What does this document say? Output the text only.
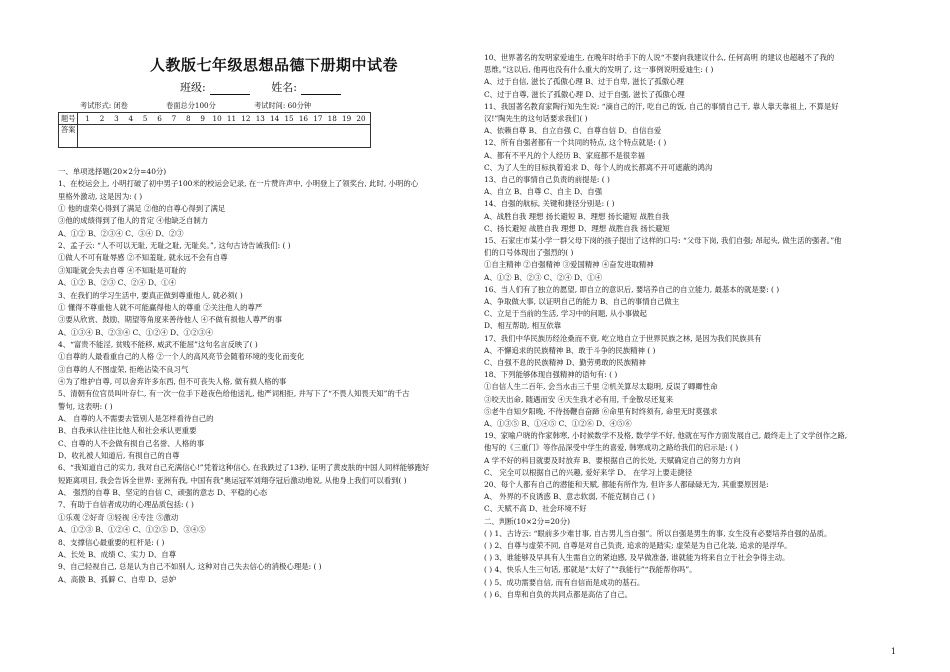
人教版七年级思想品德下册期中试卷
班级:	姓名:
考试形式: 闭卷	卷面总分100分	考试时间: 60分钟
题号	1 2 3 4 5 6 7 8 9 10 11 12 13 14 15 16 17 18 19 20
答案	
一、单项选择题(20×2分=40分)
1、在校运会上, 小明打破了初中男子100米的校运会记录, 在一片赞许声中, 小明登上了领奖台, 此时, 小明的心
里格外激动, 这是因为: ( )
① 他的虚荣心得到了满足 ②他的自尊心得到了满足
③他的成绩得到了他人的肯定 ④他缺乏自制力
A、①② B、②③④ C、③④ D、②③
2、孟子云: “人不可以无耻, 无耻之耻, 无耻矣。”, 这句古诗告诫我们: ( )
①做人不可有耻辱感 ②不知羞耻, 就永远不会有自尊
③知耻就会失去自尊 ④不知耻是可耻的
A、①② B、②③ C、②④ D、①④
3、在我们的学习生活中, 要真正做到尊重他人, 就必须( )
① 懂得不尊重他人就不可能赢得他人的尊重 ②关注他人的尊严
③要从欣赏、鼓励、期望等角度来善待他人 ④不做有损他人尊严的事
A、①③④ B、②③④ C、①②④ D、①②③④
4、“富贵不能淫, 贫贱不能移, 威武不能屈”这句名言反映了( )
①自尊的人最看重自己的人格 ②一个人的高风亮节会随着环境的变化而变化
③自尊的人不图虚荣, 拒绝沾染不良习气
④为了维护自尊, 可以舍弃许多东西, 但不可丧失人格, 做有损人格的事
5、清朝有位官员叫叶存仁, 有一次一位手下趁夜色给他送礼, 他严词相拒, 并写下了“不畏人知畏天知”的千古
警句, 这表明: ( )
A、 自尊的人不需要去管别人是怎样看待自己的
B、自我承认往往比他人和社会承认更重要
C、自尊的人不会做有损自己名誉、人格的事
D、收礼被人知道后, 有损自己的自尊
6、“我知道自己的实力, 我对自己充满信心!”凭着这种信心, 在我跌过了13秒, 证明了黄皮肤的中国人同样能够跑好
短距离项目, 我会告诉全世界: 亚洲有我, 中国有我”奥运冠军刘翔夺冠后激动地说, 从他身上我们可以看到( )
A、 强烈的自尊 B、坚定的自信 C、顽强的意志 D、平稳的心态
7、有助于自信者成功的心理品质包括: ( )
①乐观 ②好奇 ③轻视 ④专注 ⑤激动
A、①②③ B、①②④ C、①②⑤ D、③④⑤
8、支撑信心最重要的杠杆是: ( )
A、长处 B、成绩 C、实力 D、自尊
9、自己轻视自己, 总是认为自己不如别人, 这种对自己失去信心的消极心理是: ( )
A、高傲 B、孤僻 C、自卑 D、忌妒
10、世界著名的发明家爱迪生, 在晚年时给手下的人说“不要向我建议什么, 任何高明 的建议也超越不了我的
思维。”这以后, 他再也没有什么重大的发明了, 这一事例说明爱迪生: ( )
A、过于自信, 滋长了孤傲心理 B、过于自卑, 滋长了孤傲心理
C、过于自尊, 滋长了孤傲心理 D、过于自强, 滋长了孤傲心理
11、我国著名教育家陶行知先生说: “滴自己的汗, 吃自己的饭, 自己的事情自己干, 靠人靠天靠祖上, 不算是好
汉!”陶先生的这句话要求我们( )
A、依赖自尊 B、自立自强 C、自尊自信 D、自信自爱
12、所有自强者都有一个共同的特点, 这个特点就是: ( )
A、都有不平凡的个人经历 B、家庭都不是很幸福
C、为了人生的目标执着追求 D、每个人的成长都离不开可遮蔽的鸿沟
13、自己的事情自己负责的前提是: ( )
A、自立 B、自尊 C、自主 D、自强
14、自强的航标, 关键和捷径分别是: ( )
A、战胜自我 理想 扬长避短 B、理想 扬长避短 战胜自我
C、扬长避短 战胜自我 理想 D、理想 战胜自我 扬长避短
15、石家庄市某小学一群父母下岗的孩子提出了这样的口号: “父母下岗, 我们自强; 昂起头, 做生活的强者。”他
们的口号体现出了强烈的( )
①自主精神 ②自强精神 ③爱国精神 ④奋发进取精神
A、①② B、②③ C、②④ D、①④
16、当人们有了独立的愿望, 即自立的意识后, 要培养自己的自立能力, 最基本的就是要: ( )
A、争取做大事, 以证明自己的能力 B、自己的事情自己做主
C、立足于当前的生活, 学习中的问题, 从小事做起
D、相互帮助, 相互依靠
17、我们中华民族历经沧桑而不衰, 屹立地自立于世界民族之林, 是因为我们民族具有
A、不懈追求的民族精神 B、敢于斗争的民族精神 ( )
C、自强不息的民族精神 D、勤劳勇敢的民族精神
18、下列能够体现自强精神的语句有: ( )
①自信人生二百年, 会当水击三千里 ②机关算尽太聪明, 反误了卿卿性命
③咬天出命, 随遇而安 ④天生我才必有用, 千金散尽还复来
⑤老牛自知夕阳晚, 不待扬鞭自奋蹄 ⑥命里有时终须有, 命里无时莫强求
A、①③⑤ B、①④⑤ C、①②⑥ D、④⑤⑥
19、家喻户晓的作家韩寒, 小时候数学不及格, 数学学不好, 他就在写作方面发展自己, 最终走上了文学创作之路,
他写的《三重门》等作品深受中学生的喜爱, 韩寒成功之路给我们的启示是: ( )
A 学不好的科目就要及时放弃 B、要根据自己的长处, 天赋确定自己的努力方向
C、 完全可以根据自己的兴趣, 爱好来学 D、 在学习上要走捷径
20、每个人都有自己的潜能和天赋, 都能有所作为, 但许多人都碌碌无为, 其重要原因是:
A、 外界的不良诱惑 B、意志软弱, 不能克制自己 ( )
C、天赋不高 D、社会环境不好
二、判断(10×2分=20分)
( ) 1、古诗云: “眼前多少难甘事, 自古男儿当自强”。所以自强是男生的事, 女生没有必要培养自强的品质。
( ) 2、自尊与虚荣不同, 自尊是对自己负责, 追求的是踏实; 虚荣是为自己化装, 追求的是浮华。
( ) 3、谁能够及早具有人生需自立的紧迫感, 及早做准备, 谁就能为将来自立于社会争得主动。
( ) 4、快乐人生三句话, 那就是“太好了”“我能行”“我能帮你吗”。
( ) 5、成功需要自信, 而有自信而是成功的基石。
( ) 6、自卑和自负的共同点都是高估了自己。
1
